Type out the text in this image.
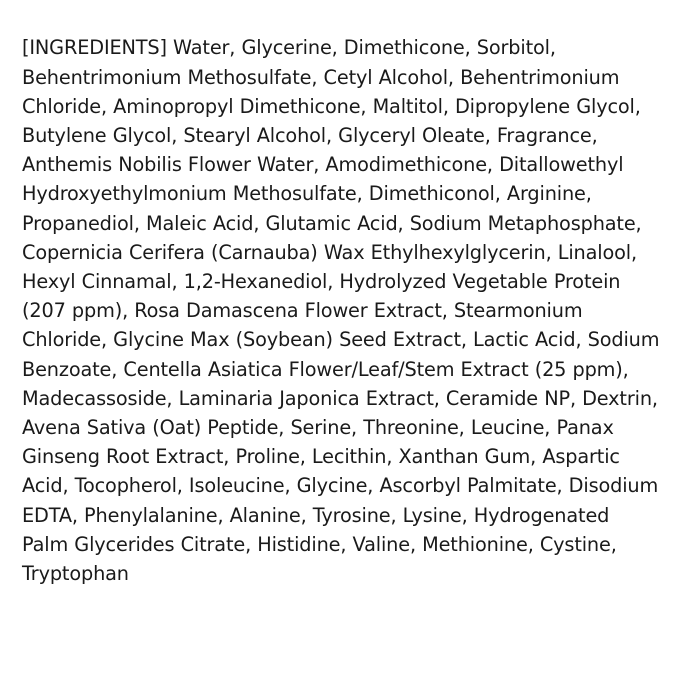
[INGREDIENTS] Water, Glycerine, Dimethicone, Sorbitol, Behentrimonium Methosulfate, Cetyl Alcohol, Behentrimonium Chloride, Aminopropyl Dimethicone, Maltitol, Dipropylene Glycol, Butylene Glycol, Stearyl Alcohol, Glyceryl Oleate, Fragrance, Anthemis Nobilis Flower Water, Amodimethicone, Ditallowethyl Hydroxyethylmonium Methosulfate, Dimethiconol, Arginine, Propanediol, Maleic Acid, Glutamic Acid, Sodium Metaphosphate, Copernicia Cerifera (Carnauba) Wax Ethylhexylglycerin, Linalool, Hexyl Cinnamal, 1,2-Hexanediol, Hydrolyzed Vegetable Protein (207 ppm), Rosa Damascena Flower Extract, Stearmonium Chloride, Glycine Max (Soybean) Seed Extract, Lactic Acid, Sodium Benzoate, Centella Asiatica Flower/Leaf/Stem Extract (25 ppm), Madecassoside, Laminaria Japonica Extract, Ceramide NP, Dextrin, Avena Sativa (Oat) Peptide, Serine, Threonine, Leucine, Panax Ginseng Root Extract, Proline, Lecithin, Xanthan Gum, Aspartic Acid, Tocopherol, Isoleucine, Glycine, Ascorbyl Palmitate, Disodium EDTA, Phenylalanine, Alanine, Tyrosine, Lysine, Hydrogenated Palm Glycerides Citrate, Histidine, Valine, Methionine, Cystine, Tryptophan
